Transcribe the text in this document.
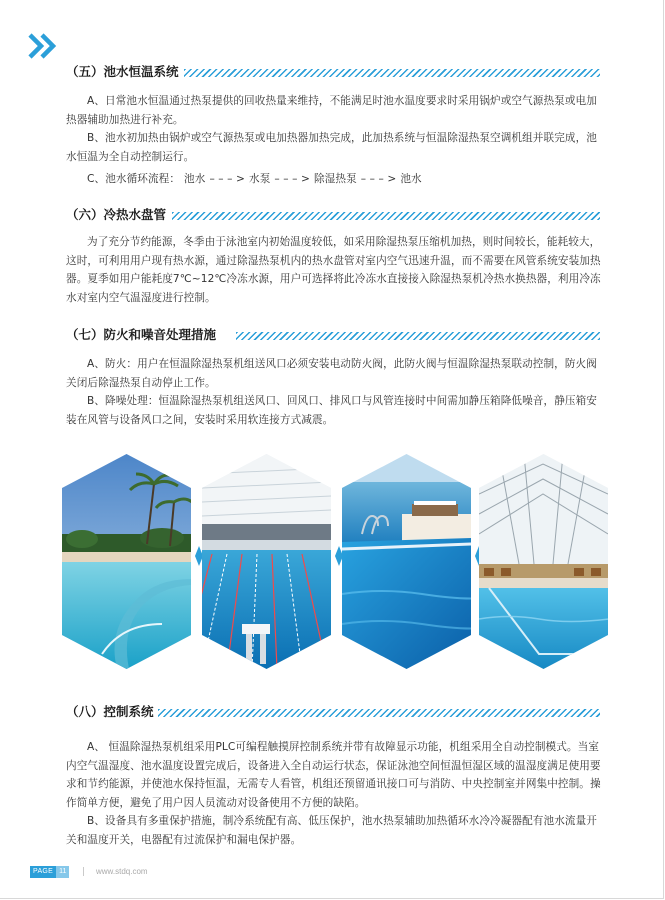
（五）池水恒温系统

A、日常池水恒温通过热泵提供的回收热量来维持，不能满足时池水温度要求时采用锅炉或空气源热泵或电加热器辅助加热进行补充。

B、池水初加热由锅炉或空气源热泵或电加热器加热完成，此加热系统与恒温除湿热泵空调机组并联完成，池水恒温为全自动控制运行。

C、池水循环流程： 池水 – – – > 水泵 – – – > 除湿热泵 – – – > 池水

（六）冷热水盘管

为了充分节约能源，冬季由于泳池室内初始温度较低，如采用除湿热泵压缩机加热，则时间较长，能耗较大，这时，可利用用户现有热水源，通过除湿热泵机内的热水盘管对室内空气迅速升温，而不需要在风管系统安装加热器。夏季如用户能耗度7℃~12℃冷冻水源，用户可选择将此冷冻水直接接入除湿热泵机冷热水换热器，利用冷冻水对室内空气温湿度进行控制。

（七）防火和噪音处理措施

A、防火：用户在恒温除湿热泵机组送风口必须安装电动防火阀，此防火阀与恒温除湿热泵联动控制，防火阀关闭后除湿热泵自动停止工作。

B、降噪处理：恒温除湿热泵机组送风口、回风口、排风口与风管连接时中间需加静压箱降低噪音，静压箱安装在风管与设备风口之间，安装时采用软连接方式减震。

（八）控制系统

A、 恒温除湿热泵机组采用PLC可编程触摸屏控制系统并带有故障显示功能，机组采用全自动控制模式。当室内空气温湿度、池水温度设置完成后，设备进入全自动运行状态，保证泳池空间恒温恒湿区域的温湿度满足使用要求和节约能源，并使池水保持恒温，无需专人看管，机组还预留通讯接口可与消防、中央控制室并网集中控制。操作简单方便，避免了用户因人员流动对设备使用不方便的缺陷。

B、设备具有多重保护措施，制冷系统配有高、低压保护，池水热泵辅助加热循环水冷冷凝器配有池水流量开关和温度开关，电器配有过流保护和漏电保护器。

PAGE 11	| www.stdq.com
